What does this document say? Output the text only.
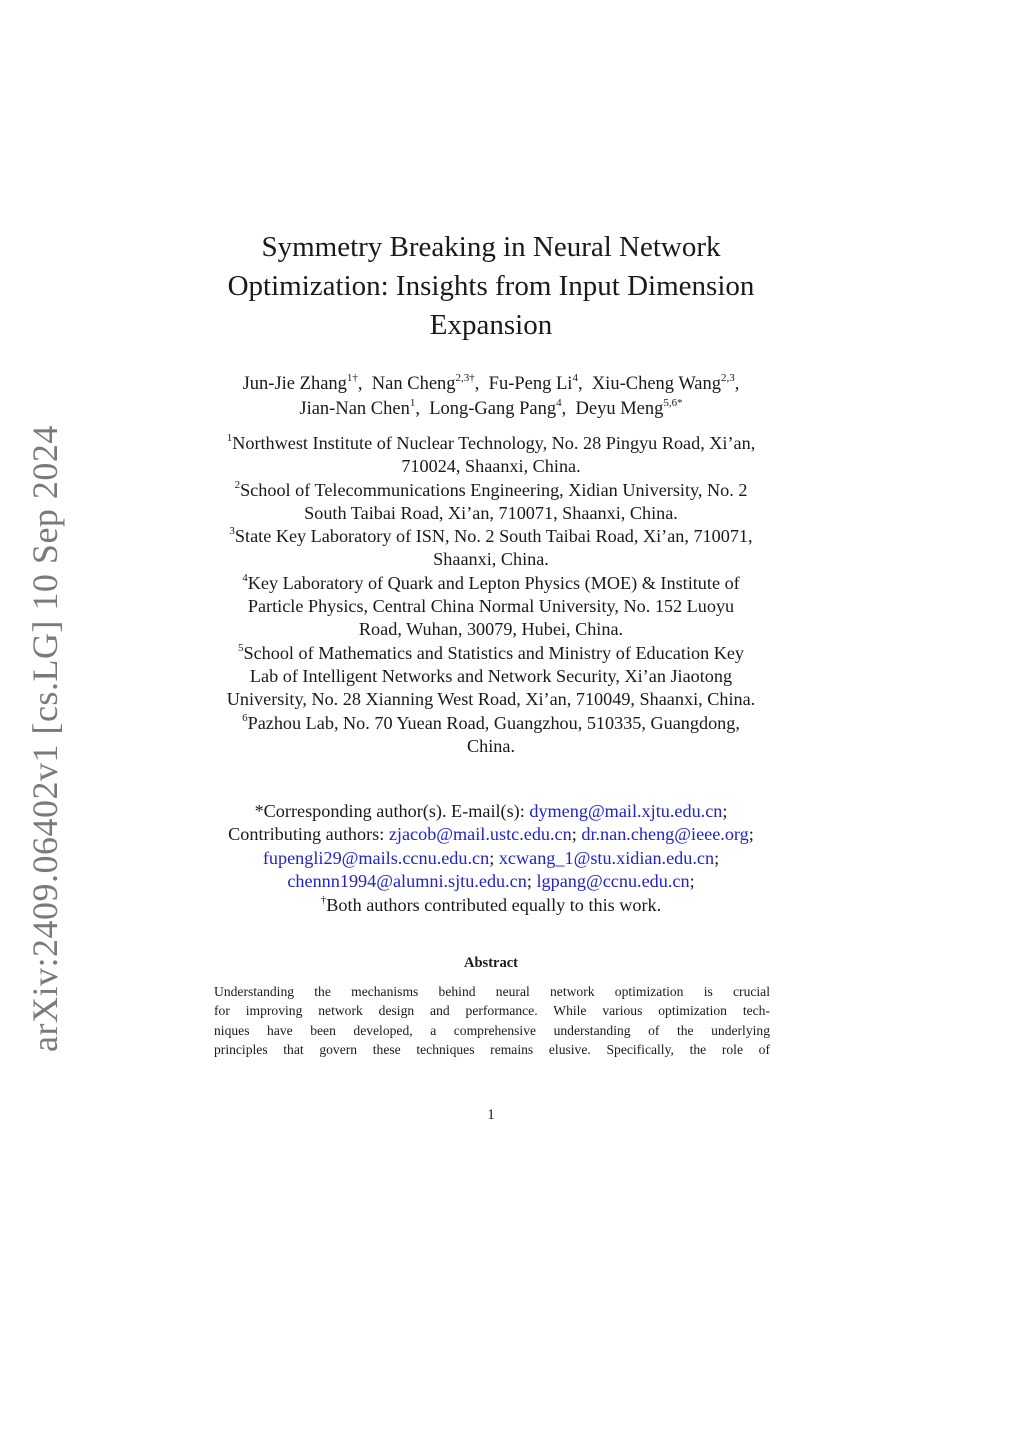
arXiv:2409.06402v1 [cs.LG] 10 Sep 2024
Symmetry Breaking in Neural Network
Optimization: Insights from Input Dimension
Expansion
Jun-Jie Zhang$^{1\dagger}$,  Nan Cheng$^{2,3\dagger}$,  Fu-Peng Li$^4$,  Xiu-Cheng Wang$^{2,3}$,
Jian-Nan Chen$^1$,  Long-Gang Pang$^4$,  Deyu Meng$^{5,6*}$
$^1$Northwest Institute of Nuclear Technology, No. 28 Pingyu Road, Xi’an,
710024, Shaanxi, China.
$^2$School of Telecommunications Engineering, Xidian University, No. 2
South Taibai Road, Xi’an, 710071, Shaanxi, China.
$^3$State Key Laboratory of ISN, No. 2 South Taibai Road, Xi’an, 710071,
Shaanxi, China.
$^4$Key Laboratory of Quark and Lepton Physics (MOE) & Institute of
Particle Physics, Central China Normal University, No. 152 Luoyu
Road, Wuhan, 30079, Hubei, China.
$^5$School of Mathematics and Statistics and Ministry of Education Key
Lab of Intelligent Networks and Network Security, Xi’an Jiaotong
University, No. 28 Xianning West Road, Xi’an, 710049, Shaanxi, China.
$^6$Pazhou Lab, No. 70 Yuean Road, Guangzhou, 510335, Guangdong,
China.
*Corresponding author(s). E-mail(s): dymeng@mail.xjtu.edu.cn;
Contributing authors: zjacob@mail.ustc.edu.cn; dr.nan.cheng@ieee.org;
fupengli29@mails.ccnu.edu.cn; xcwang_1@stu.xidian.edu.cn;
chennn1994@alumni.sjtu.edu.cn; lgpang@ccnu.edu.cn;
†Both authors contributed equally to this work.
Abstract
Understanding the mechanisms behind neural network optimization is crucial
for improving network design and performance. While various optimization tech-
niques have been developed, a comprehensive understanding of the underlying
principles that govern these techniques remains elusive. Specifically, the role of
1
